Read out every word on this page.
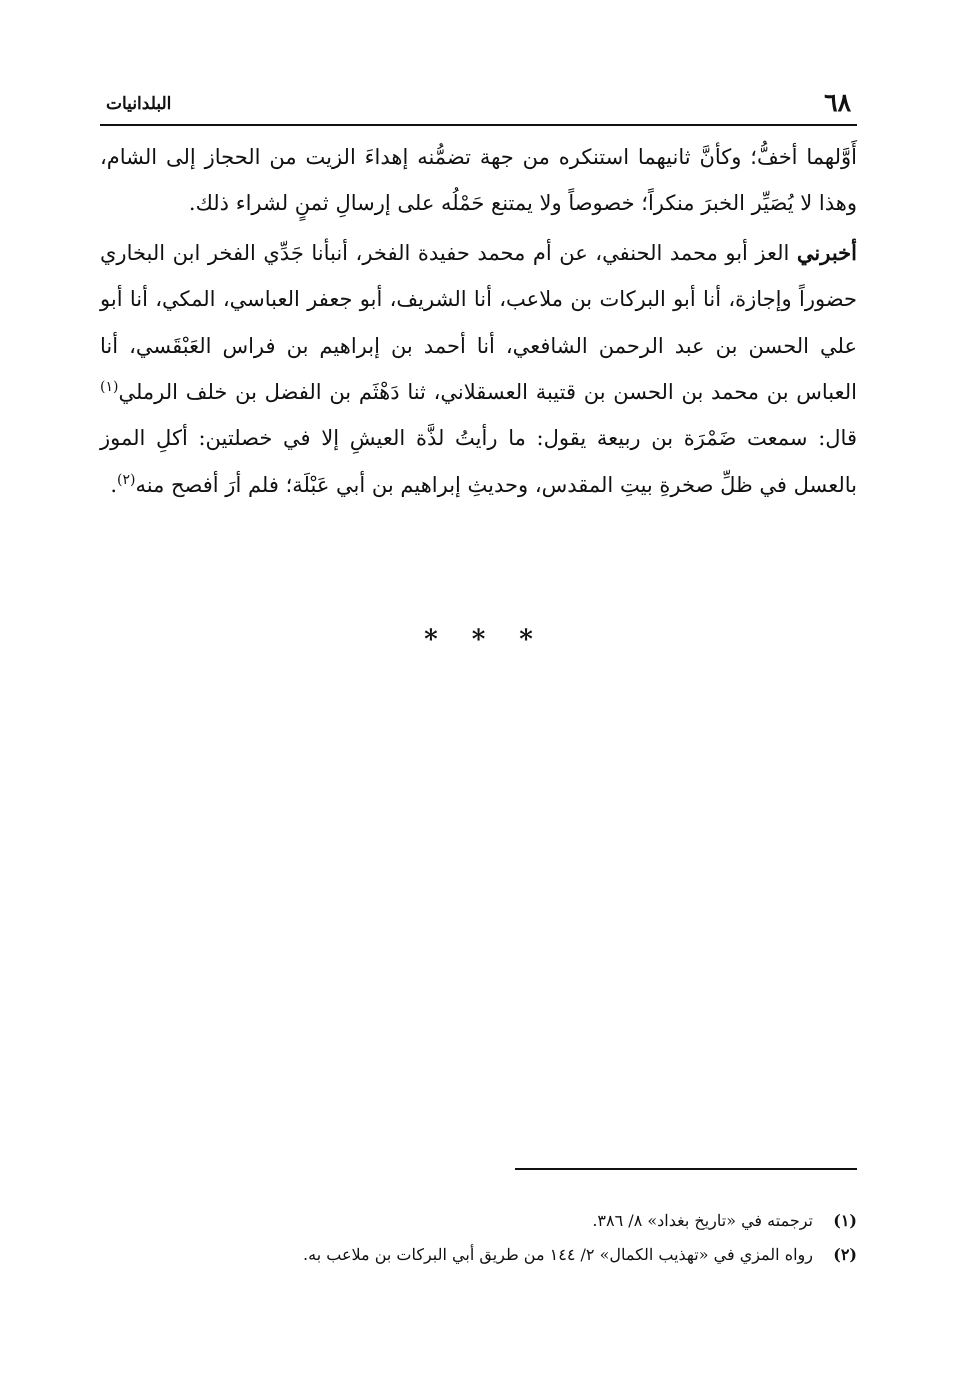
٦٨
البلدانيات

أَوَّلهما أخفُّ؛ وكأنَّ ثانيهما استنكره من جهة تضمُّنه إهداءَ الزيت من الحجاز إلى الشام، وهذا لا يُصَيِّر الخبرَ منكراً؛ خصوصاً ولا يمتنع حَمْلُه على إرسالِ ثمنٍ لشراء ذلك.

أخبرني العز أبو محمد الحنفي، عن أم محمد حفيدة الفخر، أنبأنا جَدِّي الفخر ابن البخاري حضوراً وإجازة، أنا أبو البركات بن ملاعب، أنا الشريف، أبو جعفر العباسي، المكي، أنا أبو علي الحسن بن عبد الرحمن الشافعي، أنا أحمد بن إبراهيم بن فراس العَبْقَسي، أنا العباس بن محمد بن الحسن بن قتيبة العسقلاني، ثنا دَهْثَم بن الفضل بن خلف الرملي$^{(١)}$ قال: سمعت ضَمْرَة بن ربيعة يقول: ما رأيتُ لذَّة العيشِ إلا في خصلتين: أكلِ الموز بالعسل في ظلِّ صخرةِ بيتِ المقدس، وحديثِ إبراهيم بن أبي عَبْلَة؛ فلم أرَ أفصح منه$^{(٢)}$.

* * *

(١)ترجمته في «تاريخ بغداد» ٨/ ٣٨٦.

(٢)رواه المزي في «تهذيب الكمال» ٢/ ١٤٤ من طريق أبي البركات بن ملاعب به.
